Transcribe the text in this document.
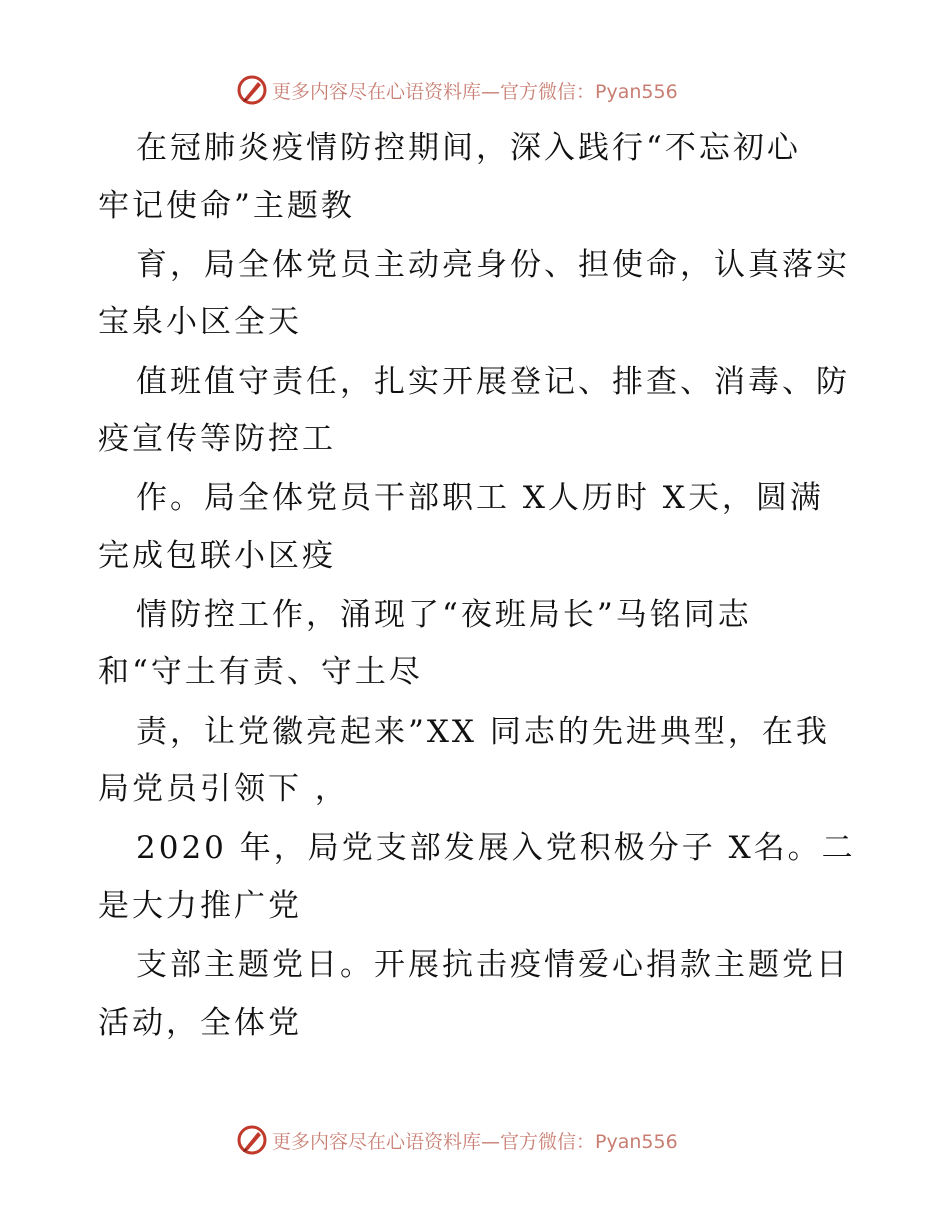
更多内容尽在心语资料库—官方微信：Pyan556
在冠肺炎疫情防控期间，深入践行“不忘初心
牢记使命”主题教
育，局全体党员主动亮身份、担使命，认真落实
宝泉小区全天
值班值守责任，扎实开展登记、排查、消毒、防
疫宣传等防控工
作。局全体党员干部职工 X人历时 X天，圆满
完成包联小区疫
情防控工作，涌现了“夜班局长”马铭同志
和“守土有责、守土尽
责，让党徽亮起来”XX 同志的先进典型，在我
局党员引领下 ，
2020 年，局党支部发展入党积极分子 X名。二
是大力推广党
支部主题党日。开展抗击疫情爱心捐款主题党日
活动，全体党
更多内容尽在心语资料库—官方微信：Pyan556
